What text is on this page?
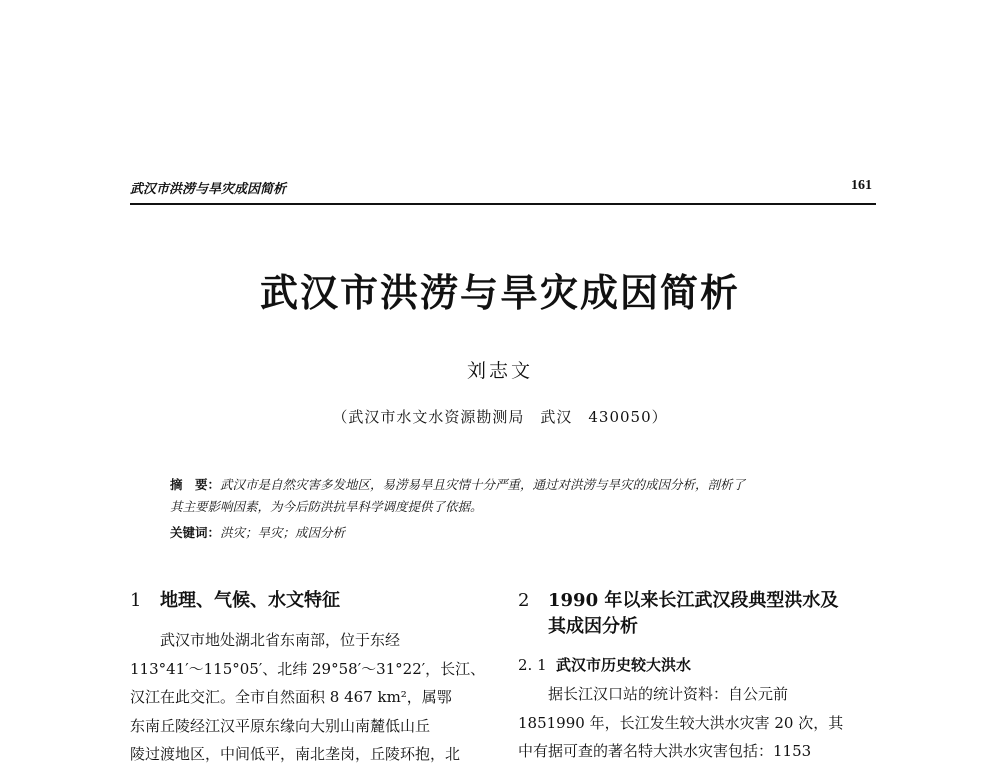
武汉市洪涝与旱灾成因简析	161
武汉市洪涝与旱灾成因简析
刘志文
（武汉市水文水资源勘测局　武汉　430050）
摘　要：武汉市是自然灾害多发地区，易涝易旱且灾情十分严重，通过对洪涝与旱灾的成因分析，剖析了
其主要影响因素，为今后防洪抗旱科学调度提供了依据。
关键词：洪灾；旱灾；成因分析
1 地理、气候、水文特征
武汉市地处湖北省东南部，位于东经
113°41′～115°05′、北纬 29°58′～31°22′，长江、
汉江在此交汇。全市自然面积 8 467 km²，属鄂
东南丘陵经江汉平原东缘向大别山南麓低山丘
陵过渡地区，中间低平，南北垄岗，丘陵环抱，北
2 1990 年以来长江武汉段典型洪水及
其成因分析
2. 1 武汉市历史较大洪水
据长江汉口站的统计资料：自公元前
1851990 年，长江发生较大洪水灾害 20 次，其
中有据可查的著名特大洪水灾害包括：1153
